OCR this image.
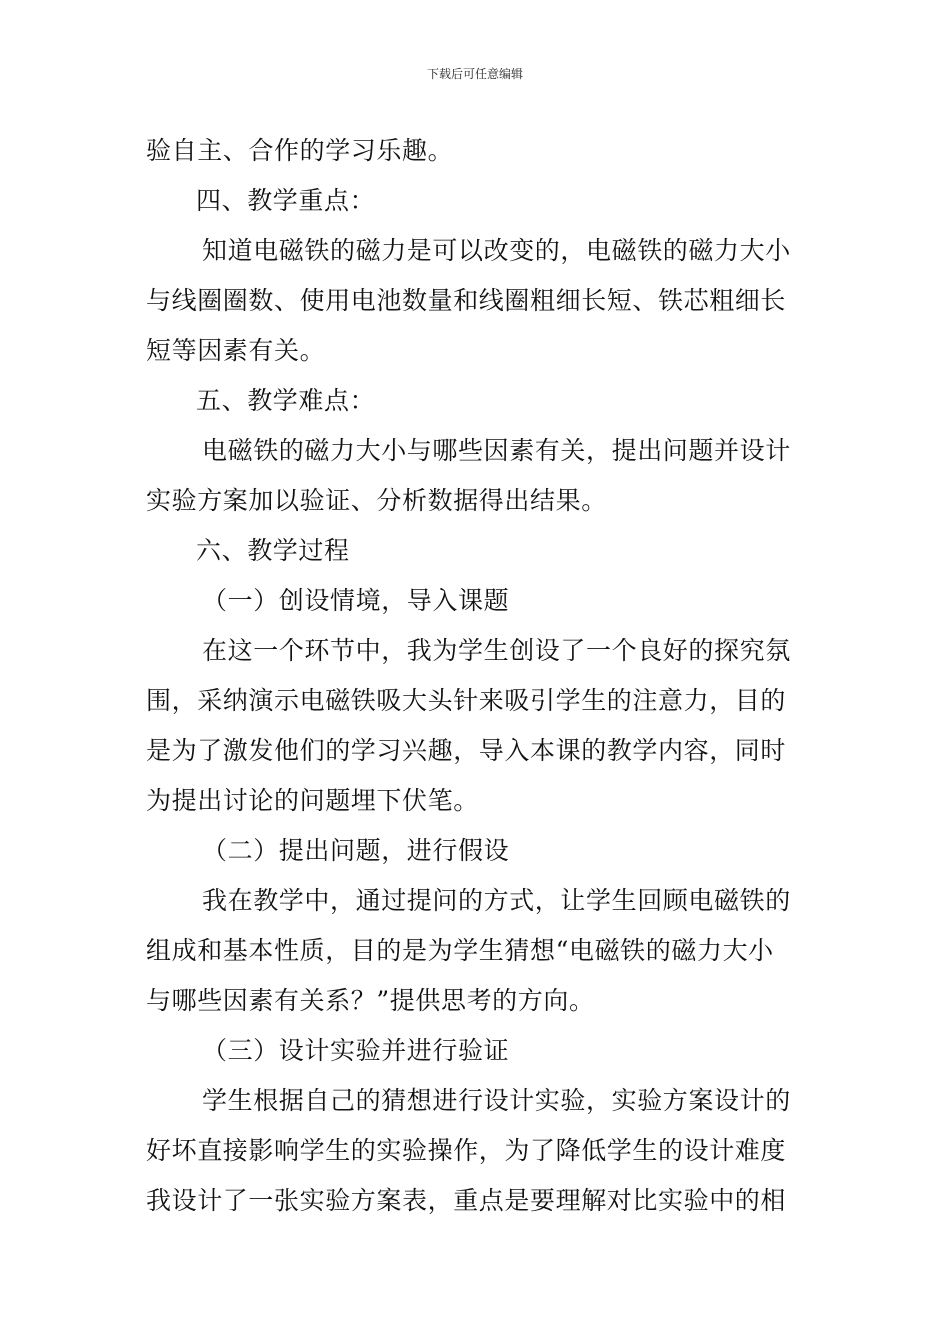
下载后可任意编辑
验自主、合作的学习乐趣。
四、教学重点：
知道电磁铁的磁力是可以改变的，电磁铁的磁力大小
与线圈圈数、使用电池数量和线圈粗细长短、铁芯粗细长
短等因素有关。
五、教学难点：
电磁铁的磁力大小与哪些因素有关，提出问题并设计
实验方案加以验证、分析数据得出结果。
六、教学过程
（一）创设情境，导入课题
在这一个环节中，我为学生创设了一个良好的探究氛
围，采纳演示电磁铁吸大头针来吸引学生的注意力，目的
是为了激发他们的学习兴趣，导入本课的教学内容，同时
为提出讨论的问题埋下伏笔。
（二）提出问题，进行假设
我在教学中，通过提问的方式，让学生回顾电磁铁的
组成和基本性质，目的是为学生猜想“电磁铁的磁力大小
与哪些因素有关系？”提供思考的方向。
（三）设计实验并进行验证
学生根据自己的猜想进行设计实验，实验方案设计的
好坏直接影响学生的实验操作，为了降低学生的设计难度
我设计了一张实验方案表，重点是要理解对比实验中的相
